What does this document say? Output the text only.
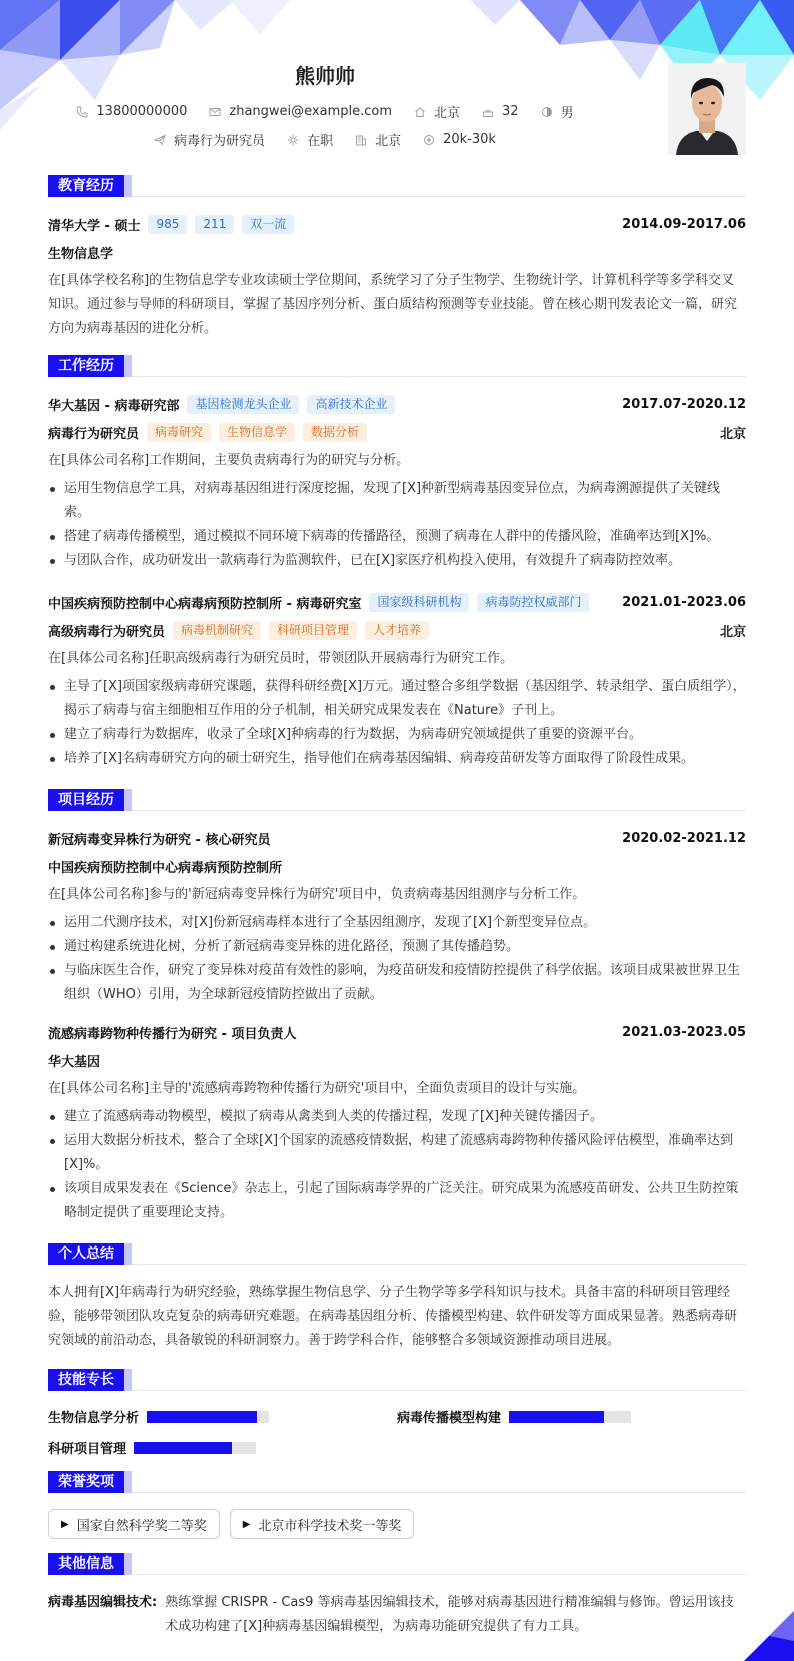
熊帅帅
13800000000	zhangwei@example.com	北京	32	男
病毒行为研究员	在职	北京	20k-30k
教育经历
清华大学 - 硕士	985	211	双一流	2014.09-2017.06
生物信息学

在[具体学校名称]的生物信息学专业攻读硕士学位期间，系统学习了分子生物学、生物统计学、计算机科学等多学科交叉知识。通过参与导师的科研项目，掌握了基因序列分析、蛋白质结构预测等专业技能。曾在核心期刊发表论文一篇，研究方向为病毒基因的进化分析。

工作经历
华大基因 - 病毒研究部	基因检测龙头企业	高新技术企业	2017.07-2020.12
病毒行为研究员	病毒研究	生物信息学	数据分析	北京

在[具体公司名称]工作期间，主要负责病毒行为的研究与分析。

运用生物信息学工具，对病毒基因组进行深度挖掘，发现了[X]种新型病毒基因变异位点，为病毒溯源提供了关键线索。
搭建了病毒传播模型，通过模拟不同环境下病毒的传播路径，预测了病毒在人群中的传播风险，准确率达到[X]%。
与团队合作，成功研发出一款病毒行为监测软件，已在[X]家医疗机构投入使用，有效提升了病毒防控效率。
中国疾病预防控制中心病毒病预防控制所 - 病毒研究室	国家级科研机构	病毒防控权威部门	2021.01-2023.06
高级病毒行为研究员	病毒机制研究	科研项目管理	人才培养	北京

在[具体公司名称]任职高级病毒行为研究员时，带领团队开展病毒行为研究工作。

主导了[X]项国家级病毒研究课题，获得科研经费[X]万元。通过整合多组学数据（基因组学、转录组学、蛋白质组学），揭示了病毒与宿主细胞相互作用的分子机制，相关研究成果发表在《Nature》子刊上。
建立了病毒行为数据库，收录了全球[X]种病毒的行为数据，为病毒研究领域提供了重要的资源平台。
培养了[X]名病毒研究方向的硕士研究生，指导他们在病毒基因编辑、病毒疫苗研发等方面取得了阶段性成果。
项目经历
新冠病毒变异株行为研究 - 核心研究员	2020.02-2021.12
中国疾病预防控制中心病毒病预防控制所

在[具体公司名称]参与的'新冠病毒变异株行为研究'项目中，负责病毒基因组测序与分析工作。

运用二代测序技术，对[X]份新冠病毒样本进行了全基因组测序，发现了[X]个新型变异位点。
通过构建系统进化树，分析了新冠病毒变异株的进化路径，预测了其传播趋势。
与临床医生合作，研究了变异株对疫苗有效性的影响，为疫苗研发和疫情防控提供了科学依据。该项目成果被世界卫生组织（WHO）引用，为全球新冠疫情防控做出了贡献。
流感病毒跨物种传播行为研究 - 项目负责人	2021.03-2023.05
华大基因

在[具体公司名称]主导的'流感病毒跨物种传播行为研究'项目中，全面负责项目的设计与实施。

建立了流感病毒动物模型，模拟了病毒从禽类到人类的传播过程，发现了[X]种关键传播因子。
运用大数据分析技术，整合了全球[X]个国家的流感疫情数据，构建了流感病毒跨物种传播风险评估模型，准确率达到[X]%。
该项目成果发表在《Science》杂志上，引起了国际病毒学界的广泛关注。研究成果为流感疫苗研发、公共卫生防控策略制定提供了重要理论支持。
个人总结

本人拥有[X]年病毒行为研究经验，熟练掌握生物信息学、分子生物学等多学科知识与技术。具备丰富的科研项目管理经验，能够带领团队攻克复杂的病毒研究难题。在病毒基因组分析、传播模型构建、软件研发等方面成果显著。熟悉病毒研究领域的前沿动态，具备敏锐的科研洞察力。善于跨学科合作，能够整合多领域资源推动项目进展。

技能专长
生物信息学分析	病毒传播模型构建
科研项目管理
荣誉奖项
▶ 国家自然科学奖二等奖	▶ 北京市科学技术奖一等奖
其他信息
病毒基因编辑技术: 熟练掌握 CRISPR - Cas9 等病毒基因编辑技术，能够对病毒基因进行精准编辑与修饰。曾运用该技术成功构建了[X]种病毒基因编辑模型，为病毒功能研究提供了有力工具。
